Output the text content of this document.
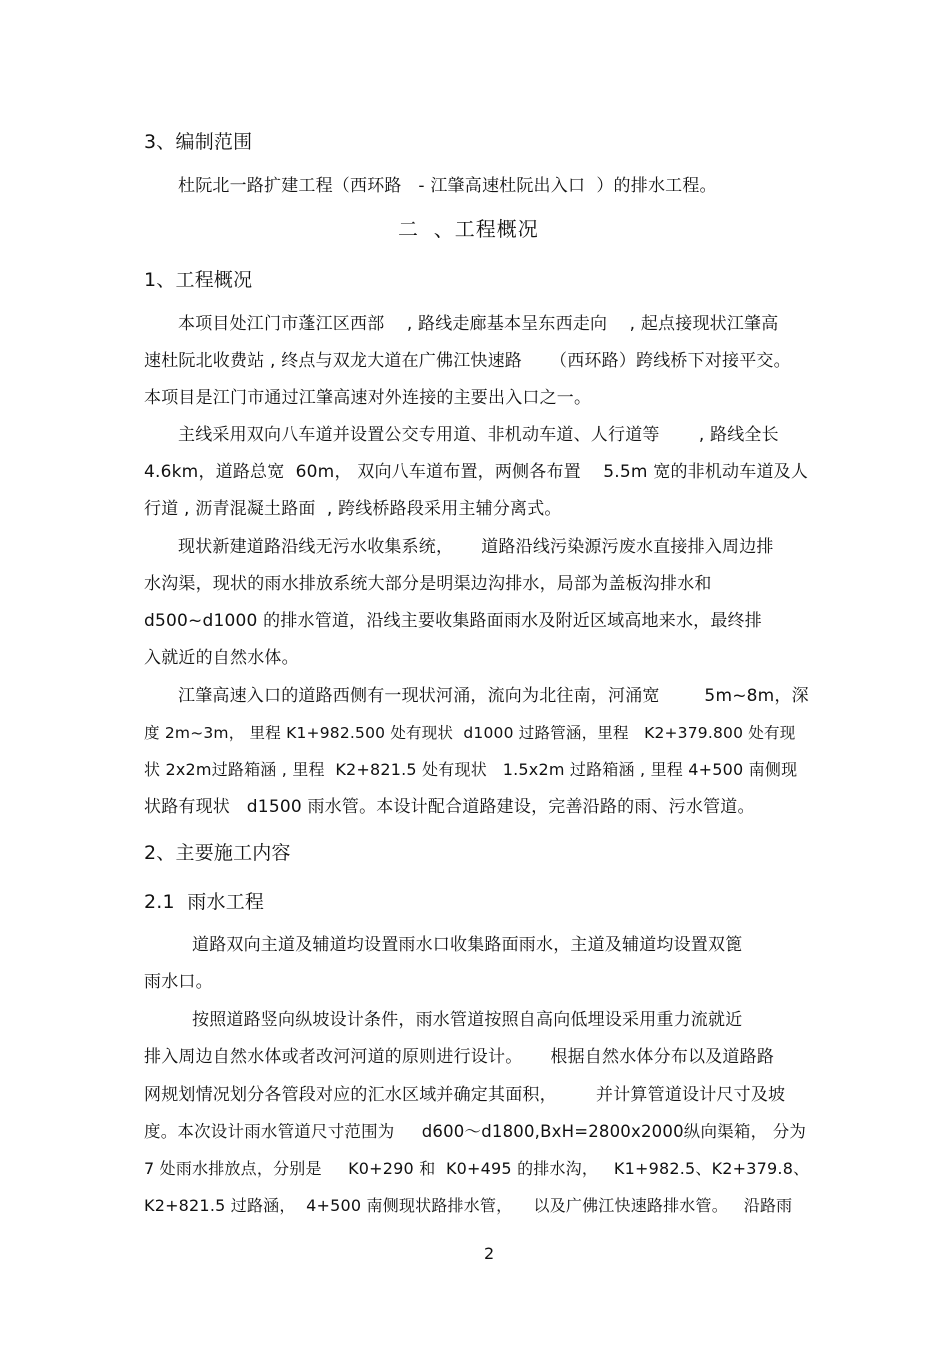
3、编制范围
杜阮北一路扩建工程（西环路   - 江肇高速杜阮出入口  ）的排水工程。
二  、工程概况
1、工程概况
本项目处江门市蓬江区西部    , 路线走廊基本呈东西走向    , 起点接现状江肇高
速杜阮北收费站 , 终点与双龙大道在广佛江快速路     （西环路）跨线桥下对接平交。
本项目是江门市通过江肇高速对外连接的主要出入口之一。
主线采用双向八车道并设置公交专用道、非机动车道、人行道等       , 路线全长
4.6km，道路总宽  60m， 双向八车道布置，两侧各布置    5.5m 宽的非机动车道及人
行道 , 沥青混凝土路面  , 跨线桥路段采用主辅分离式。
现状新建道路沿线无污水收集系统，     道路沿线污染源污废水直接排入周边排
水沟渠，现状的雨水排放系统大部分是明渠边沟排水，局部为盖板沟排水和
d500~d1000 的排水管道，沿线主要收集路面雨水及附近区域高地来水，最终排
入就近的自然水体。
江肇高速入口的道路西侧有一现状河涌，流向为北往南，河涌宽        5m~8m，深
度 2m~3m， 里程 K1+982.500 处有现状  d1000 过路管涵，里程   K2+379.800 处有现
状 2x2m过路箱涵 , 里程  K2+821.5 处有现状   1.5x2m 过路箱涵 , 里程 4+500 南侧现
状路有现状   d1500 雨水管。本设计配合道路建设，完善沿路的雨、污水管道。
2、主要施工内容
2.1  雨水工程
道路双向主道及辅道均设置雨水口收集路面雨水，主道及辅道均设置双篦
雨水口。
按照道路竖向纵坡设计条件，雨水管道按照自高向低埋设采用重力流就近
排入周边自然水体或者改河河道的原则进行设计。     根据自然水体分布以及道路路
网规划情况划分各管段对应的汇水区域并确定其面积，       并计算管道设计尺寸及坡
度。本次设计雨水管道尺寸范围为     d600～d1800,BxH=2800x2000纵向渠箱， 分为
7 处雨水排放点，分别是     K0+290 和  K0+495 的排水沟，   K1+982.5、K2+379.8、
K2+821.5 过路涵，  4+500 南侧现状路排水管，    以及广佛江快速路排水管。   沿路雨
2
